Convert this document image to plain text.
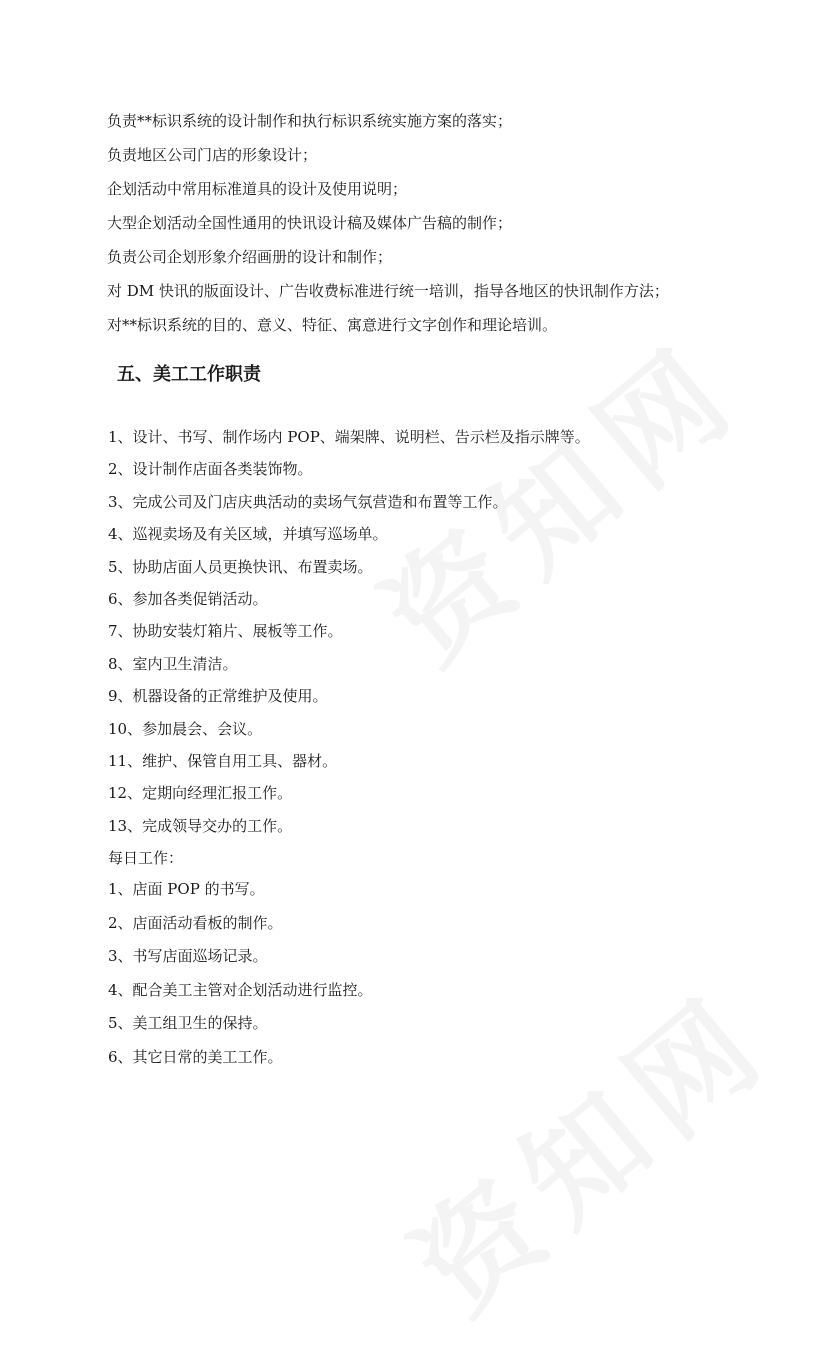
负责**标识系统的设计制作和执行标识系统实施方案的落实；

负责地区公司门店的形象设计；

企划活动中常用标准道具的设计及使用说明；

大型企划活动全国性通用的快讯设计稿及媒体广告稿的制作；

负责公司企划形象介绍画册的设计和制作；

对 DM 快讯的版面设计、广告收费标准进行统一培训，指导各地区的快讯制作方法；

对**标识系统的目的、意义、特征、寓意进行文字创作和理论培训。

五、美工工作职责

1、设计、书写、制作场内 POP、端架牌、说明栏、告示栏及指示牌等。

2、设计制作店面各类装饰物。

3、完成公司及门店庆典活动的卖场气氛营造和布置等工作。

4、巡视卖场及有关区域，并填写巡场单。

5、协助店面人员更换快讯、布置卖场。

6、参加各类促销活动。

7、协助安装灯箱片、展板等工作。

8、室内卫生清洁。

9、机器设备的正常维护及使用。

10、参加晨会、会议。

11、维护、保管自用工具、器材。

12、定期向经理汇报工作。

13、完成领导交办的工作。

每日工作：

1、店面 POP 的书写。

2、店面活动看板的制作。

3、书写店面巡场记录。

4、配合美工主管对企划活动进行监控。

5、美工组卫生的保持。

6、其它日常的美工工作。
